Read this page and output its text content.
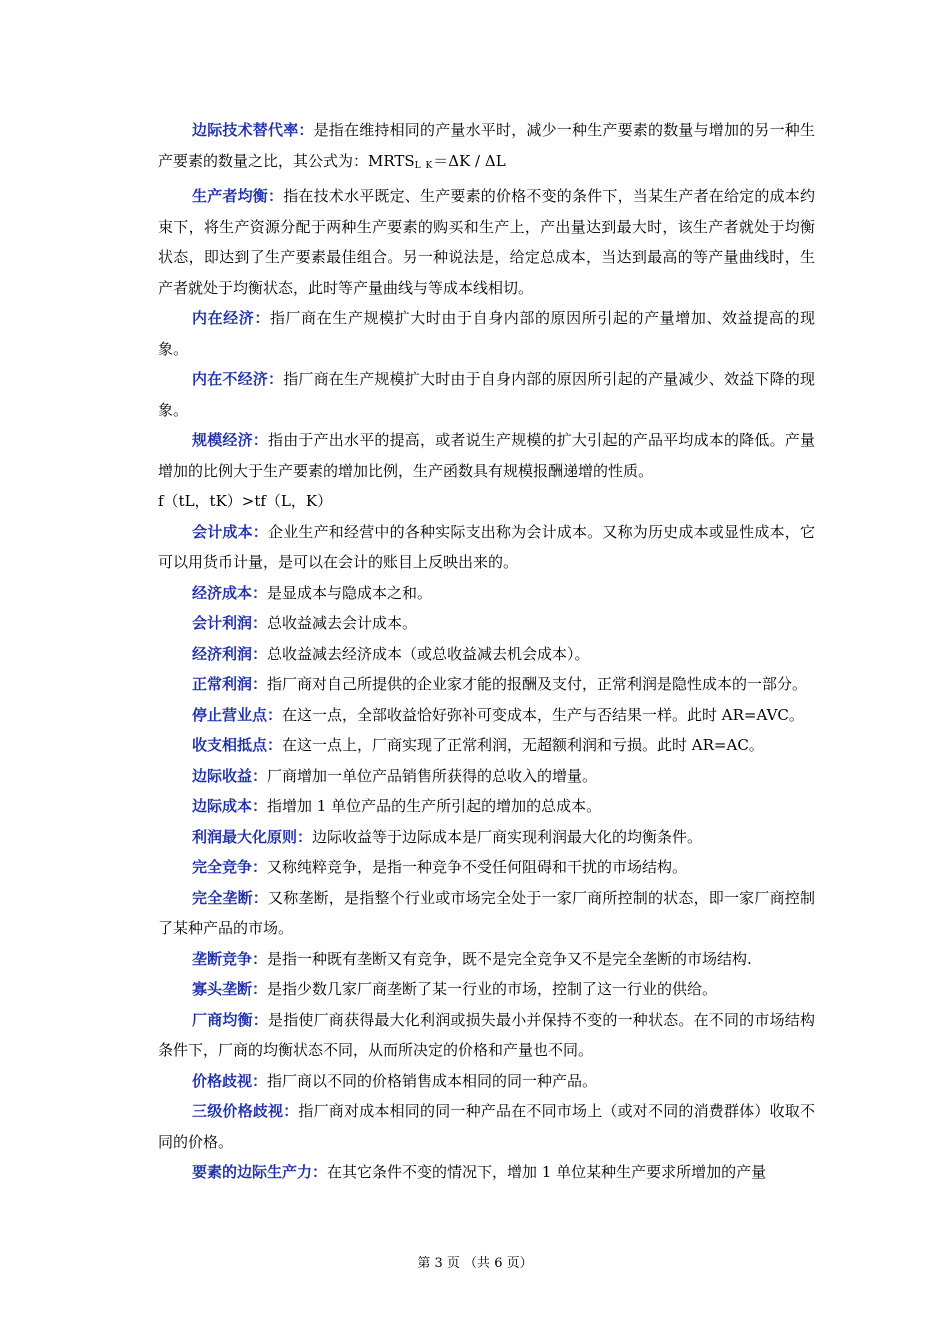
边际技术替代率：是指在维持相同的产量水平时，减少一种生产要素的数量与增加的另一种生产要素的数量之比，其公式为：$MRTS_{L K}=\Delta K / \Delta L$

生产者均衡：指在技术水平既定、生产要素的价格不变的条件下，当某生产者在给定的成本约束下，将生产资源分配于两种生产要素的购买和生产上，产出量达到最大时，该生产者就处于均衡状态，即达到了生产要素最佳组合。另一种说法是，给定总成本，当达到最高的等产量曲线时，生产者就处于均衡状态，此时等产量曲线与等成本线相切。

内在经济：指厂商在生产规模扩大时由于自身内部的原因所引起的产量增加、效益提高的现象。

内在不经济：指厂商在生产规模扩大时由于自身内部的原因所引起的产量减少、效益下降的现象。

规模经济：指由于产出水平的提高，或者说生产规模的扩大引起的产品平均成本的降低。产量增加的比例大于生产要素的增加比例，生产函数具有规模报酬递增的性质。

f（tL，tK）>tf（L，K）

会计成本：企业生产和经营中的各种实际支出称为会计成本。又称为历史成本或显性成本，它可以用货币计量，是可以在会计的账目上反映出来的。

经济成本：是显成本与隐成本之和。

会计利润：总收益减去会计成本。

经济利润：总收益减去经济成本（或总收益减去机会成本）。

正常利润：指厂商对自己所提供的企业家才能的报酬及支付，正常利润是隐性成本的一部分。

停止营业点：在这一点，全部收益恰好弥补可变成本，生产与否结果一样。此时 AR=AVC。

收支相抵点：在这一点上，厂商实现了正常利润，无超额利润和亏损。此时 AR=AC。

边际收益：厂商增加一单位产品销售所获得的总收入的增量。

边际成本：指增加 1 单位产品的生产所引起的增加的总成本。

利润最大化原则：边际收益等于边际成本是厂商实现利润最大化的均衡条件。

完全竞争：又称纯粹竞争，是指一种竞争不受任何阻碍和干扰的市场结构。

完全垄断：又称垄断，是指整个行业或市场完全处于一家厂商所控制的状态，即一家厂商控制了某种产品的市场。

垄断竞争：是指一种既有垄断又有竞争，既不是完全竞争又不是完全垄断的市场结构.

寡头垄断：是指少数几家厂商垄断了某一行业的市场，控制了这一行业的供给。

厂商均衡：是指使厂商获得最大化利润或损失最小并保持不变的一种状态。在不同的市场结构条件下，厂商的均衡状态不同，从而所决定的价格和产量也不同。

价格歧视：指厂商以不同的价格销售成本相同的同一种产品。

三级价格歧视：指厂商对成本相同的同一种产品在不同市场上（或对不同的消费群体）收取不同的价格。

要素的边际生产力：在其它条件不变的情况下，增加 1 单位某种生产要求所增加的产量

第 3 页 （共 6 页）
